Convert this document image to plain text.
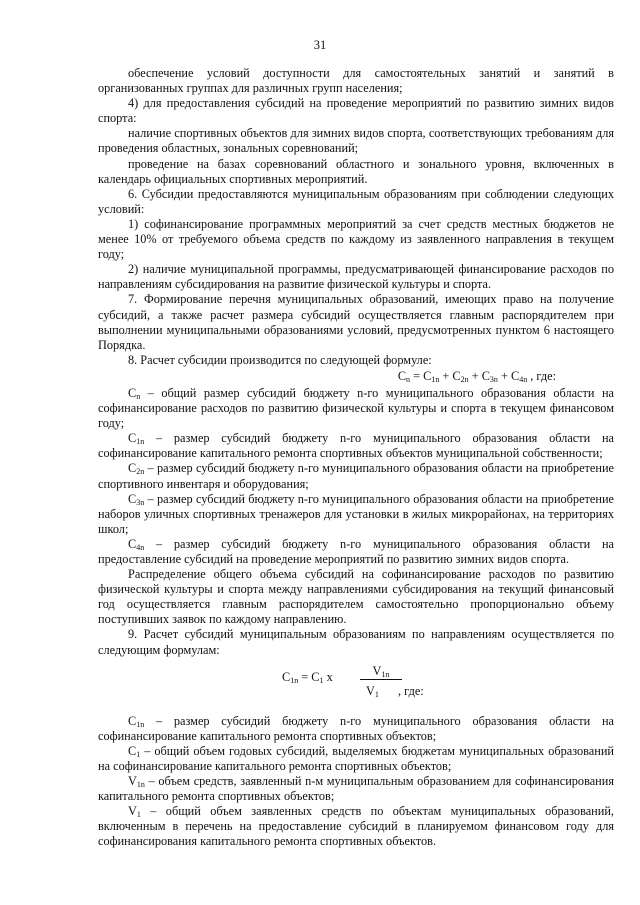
31

обеспечение условий доступности для самостоятельных занятий и занятий в организованных группах для различных групп населения;

4) для предоставления субсидий на проведение мероприятий по развитию зимних видов спорта:

наличие спортивных объектов для зимних видов спорта, соответствующих требованиям для проведения областных, зональных соревнований;

проведение на базах соревнований областного и зонального уровня, включенных в календарь официальных спортивных мероприятий.

6. Субсидии предоставляются муниципальным образованиям при соблюдении следующих условий:

1) софинансирование программных мероприятий за счет средств местных бюджетов не менее 10% от требуемого объема средств по каждому из заявленного направления в текущем году;

2) наличие муниципальной программы, предусматривающей финансирование расходов по направлениям субсидирования на развитие физической культуры и спорта.

7. Формирование перечня муниципальных образований, имеющих право на получение субсидий, а также расчет размера субсидий осуществляется главным распорядителем при выполнении муниципальными образованиями условий, предусмотренных пунктом 6 настоящего Порядка.

8. Расчет субсидии производится по следующей формуле:

$C_n = C_{1n} + C_{2n} + C_{3n} + C_{4n}$ , где:

$C_n$ – общий размер субсидий бюджету n-го муниципального образования области на софинансирование расходов по развитию физической культуры и спорта в текущем финансовом году;

$C_{1n}$ – размер субсидий бюджету n-го муниципального образования области на софинансирование капитального ремонта спортивных объектов муниципальной собственности;

$C_{2n}$ – размер субсидий бюджету n-го муниципального образования области на приобретение спортивного инвентаря и оборудования;

$C_{3n}$ – размер субсидий бюджету n-го муниципального образования области на приобретение наборов уличных спортивных тренажеров для установки в жилых микрорайонах, на территориях школ;

$C_{4n}$ – размер субсидий бюджету n-го муниципального образования области на предоставление субсидий на проведение мероприятий по развитию зимних видов спорта.

Распределение общего объема субсидий на софинансирование расходов по развитию физической культуры и спорта между направлениями субсидирования на текущий финансовый год осуществляется главным распорядителем самостоятельно пропорционально объему поступивших заявок по каждому направлению.

9. Расчет субсидий муниципальным образованиям по направлениям осуществляется по следующим формулам:

$C_{1n} = C_1$ x	$V_{1n}$
$V_1$ , где:

$C_{1n}$ – размер субсидий бюджету n-го муниципального образования области на софинансирование капитального ремонта спортивных объектов;

$C_1$ – общий объем годовых субсидий, выделяемых бюджетам муниципальных образований на софинансирование капитального ремонта спортивных объектов;

$V_{1n}$ – объем средств, заявленный n-м муниципальным образованием для софинансирования капитального ремонта спортивных объектов;

$V_1$ – общий объем заявленных средств по объектам муниципальных образований, включенным в перечень на предоставление субсидий в планируемом финансовом году для софинансирования капитального ремонта спортивных объектов.
